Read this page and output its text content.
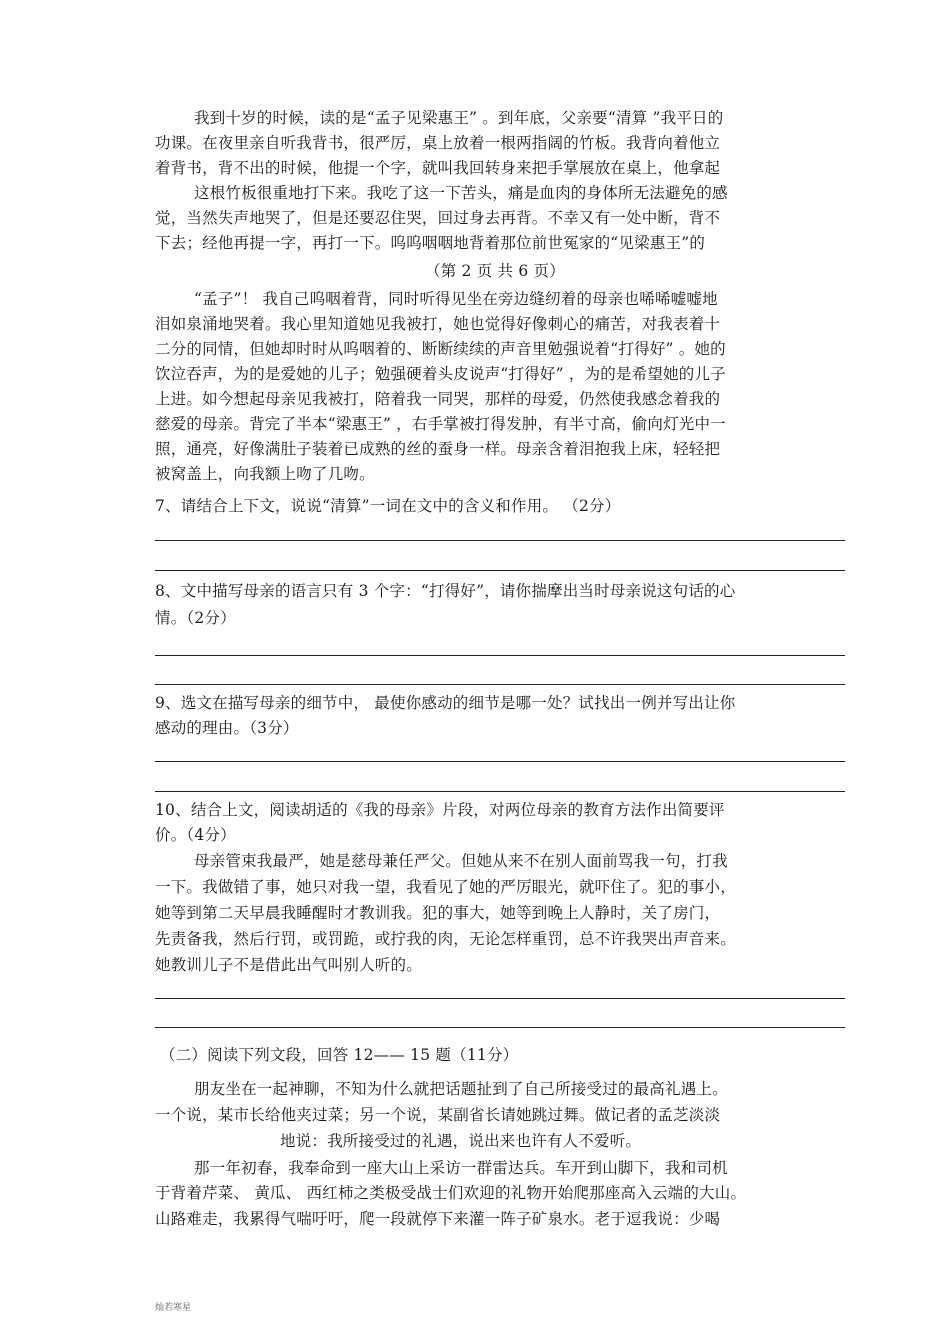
我到十岁的时候，读的是“孟子见梁惠王” 。到年底，父亲要“清算 ”我平日的
功课。在夜里亲自听我背书，很严厉，桌上放着一根两指阔的竹板。我背向着他立
着背书，背不出的时候，他提一个字，就叫我回转身来把手掌展放在桌上，他拿起
这根竹板很重地打下来。我吃了这一下苦头，痛是血肉的身体所无法避免的感
觉，当然失声地哭了，但是还要忍住哭，回过身去再背。不幸又有一处中断，背不
下去；经他再提一字，再打一下。呜呜咽咽地背着那位前世冤家的“见梁惠王”的
（第 2 页 共 6 页）
“孟子”！ 我自己呜咽着背，同时听得见坐在旁边缝纫着的母亲也唏唏嘘嘘地
泪如泉涌地哭着。我心里知道她见我被打，她也觉得好像刺心的痛苦，对我表着十
二分的同情，但她却时时从呜咽着的、断断续续的声音里勉强说着“打得好” 。她的
饮泣吞声，为的是爱她的儿子；勉强硬着头皮说声“打得好” ，为的是希望她的儿子
上进。如今想起母亲见我被打，陪着我一同哭，那样的母爱，仍然使我感念着我的
慈爱的母亲。背完了半本“梁惠王” ，右手掌被打得发肿，有半寸高，偷向灯光中一
照，通亮，好像满肚子装着已成熟的丝的蚕身一样。母亲含着泪抱我上床，轻轻把
被窝盖上，向我额上吻了几吻。
7、请结合上下文，说说“清算”一词在文中的含义和作用。 （2分）
8、文中描写母亲的语言只有 3 个字：“打得好”，请你揣摩出当时母亲说这句话的心
情。（2分）
9、选文在描写母亲的细节中， 最使你感动的细节是哪一处？试找出一例并写出让你
感动的理由。（3分）
10、结合上文，阅读胡适的《我的母亲》片段，对两位母亲的教育方法作出简要评
价。（4分）
母亲管束我最严，她是慈母兼任严父。但她从来不在别人面前骂我一句，打我
一下。我做错了事，她只对我一望，我看见了她的严厉眼光，就吓住了。犯的事小，
她等到第二天早晨我睡醒时才教训我。犯的事大，她等到晚上人静时，关了房门，
先责备我，然后行罚，或罚跪，或拧我的肉，无论怎样重罚，总不许我哭出声音来。
她教训儿子不是借此出气叫别人听的。
（二）阅读下列文段，回答 12—— 15 题（11分）
朋友坐在一起神聊，不知为什么就把话题扯到了自己所接受过的最高礼遇上。
一个说，某市长给他夹过菜；另一个说，某副省长请她跳过舞。做记者的孟芝淡淡
地说：我所接受过的礼遇，说出来也许有人不爱听。
那一年初春，我奉命到一座大山上采访一群雷达兵。车开到山脚下，我和司机
于背着芹菜、 黄瓜、 西红柿之类极受战士们欢迎的礼物开始爬那座高入云端的大山。
山路难走，我累得气喘吁吁，爬一段就停下来灌一阵子矿泉水。老于逗我说：少喝
灿若寒星
